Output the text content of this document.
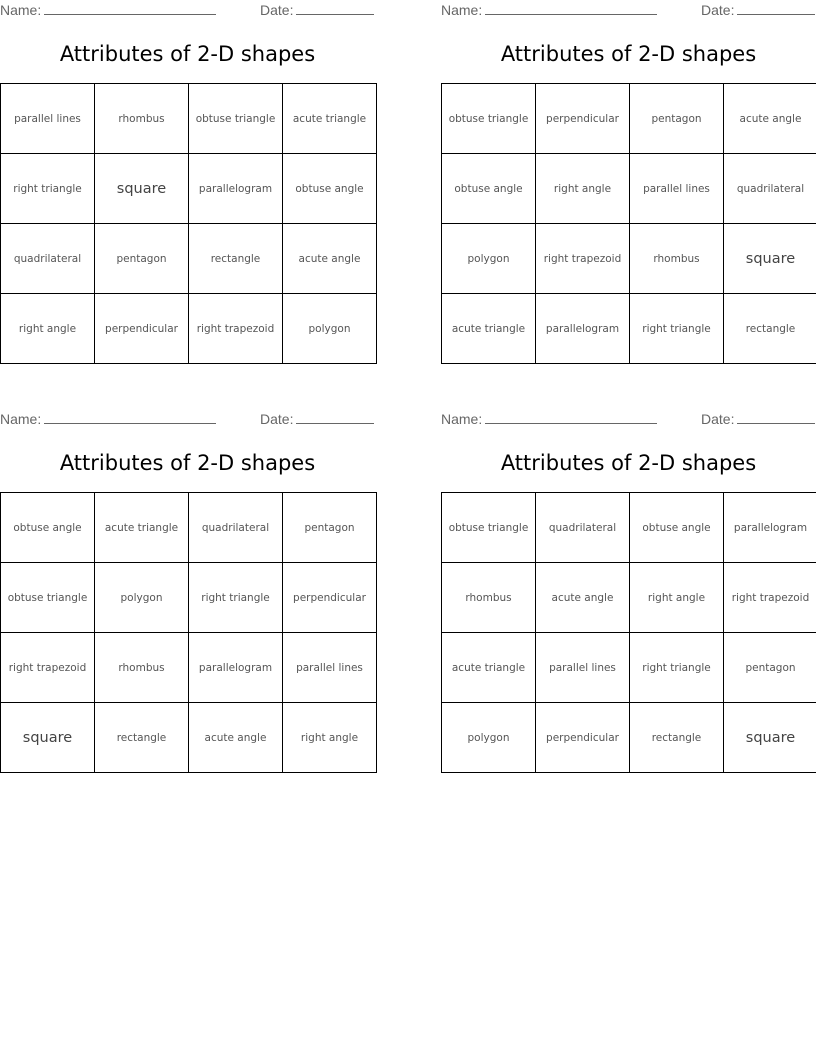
Name:	Date:
Attributes of 2-D shapes
parallel lines	rhombus	obtuse triangle	acute triangle
right triangle	square	parallelogram	obtuse angle
quadrilateral	pentagon	rectangle	acute angle
right angle	perpendicular	right trapezoid	polygon
Name:	Date:
Attributes of 2-D shapes
obtuse triangle	perpendicular	pentagon	acute angle
obtuse angle	right angle	parallel lines	quadrilateral
polygon	right trapezoid	rhombus	square
acute triangle	parallelogram	right triangle	rectangle
Name:	Date:
Attributes of 2-D shapes
obtuse angle	acute triangle	quadrilateral	pentagon
obtuse triangle	polygon	right triangle	perpendicular
right trapezoid	rhombus	parallelogram	parallel lines
square	rectangle	acute angle	right angle
Name:	Date:
Attributes of 2-D shapes
obtuse triangle	quadrilateral	obtuse angle	parallelogram
rhombus	acute angle	right angle	right trapezoid
acute triangle	parallel lines	right triangle	pentagon
polygon	perpendicular	rectangle	square
